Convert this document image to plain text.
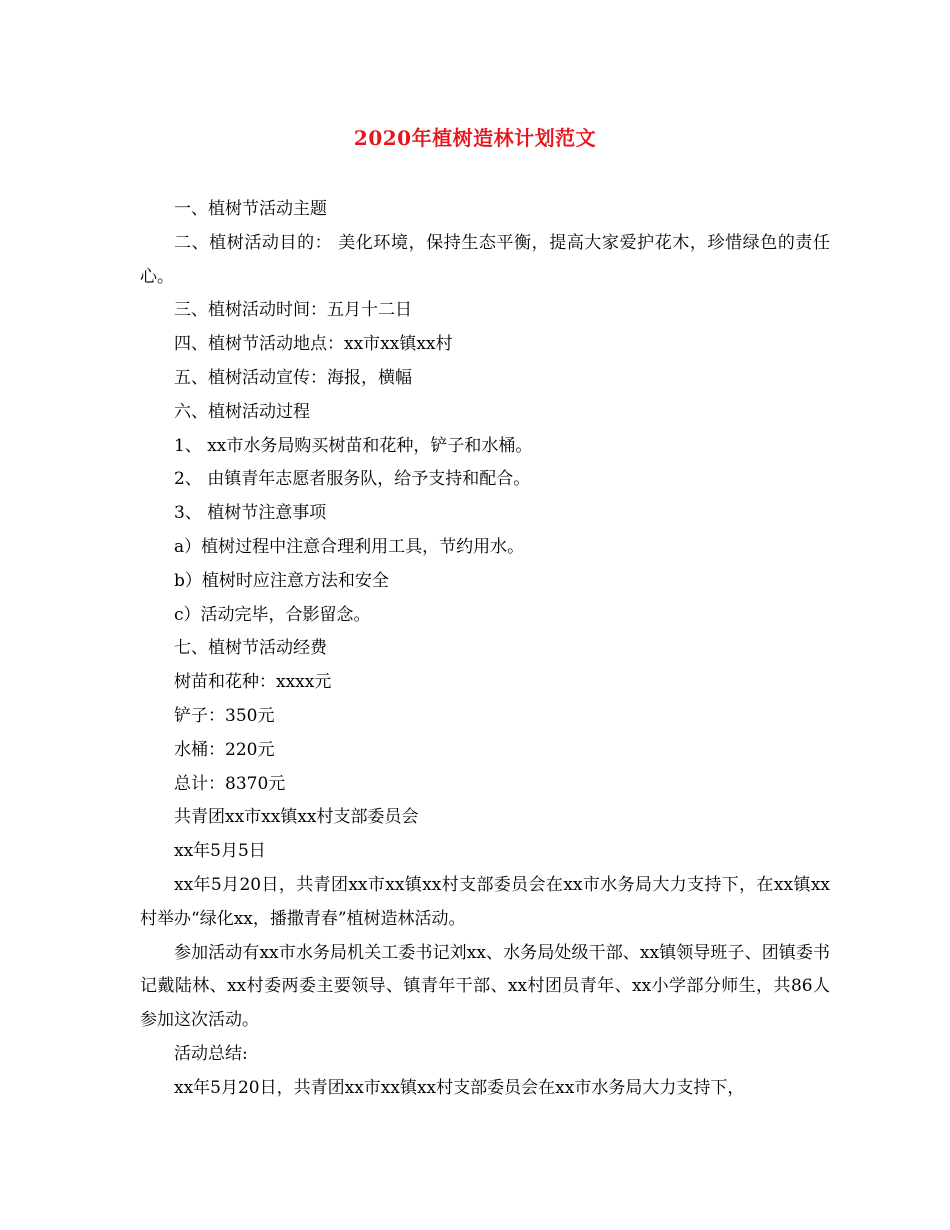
2020年植树造林计划范文

一、植树节活动主题

二、植树活动目的： 美化环境，保持生态平衡，提高大家爱护花木，珍惜绿色的责任心。

三、植树活动时间：五月十二日

四、植树节活动地点：xx市xx镇xx村

五、植树活动宣传：海报，横幅

六、植树活动过程

1、 xx市水务局购买树苗和花种，铲子和水桶。

2、 由镇青年志愿者服务队，给予支持和配合。

3、 植树节注意事项

a）植树过程中注意合理利用工具，节约用水。

b）植树时应注意方法和安全

c）活动完毕，合影留念。

七、植树节活动经费

树苗和花种：xxxx元

铲子：350元

水桶：220元

总计：8370元

共青团xx市xx镇xx村支部委员会

xx年5月5日

xx年5月20日，共青团xx市xx镇xx村支部委员会在xx市水务局大力支持下，在xx镇xx村举办“绿化xx，播撒青春”植树造林活动。

参加活动有xx市水务局机关工委书记刘xx、水务局处级干部、xx镇领导班子、团镇委书记戴陆林、xx村委两委主要领导、镇青年干部、xx村团员青年、xx小学部分师生，共86人参加这次活动。

活动总结:

xx年5月20日，共青团xx市xx镇xx村支部委员会在xx市水务局大力支持下，
